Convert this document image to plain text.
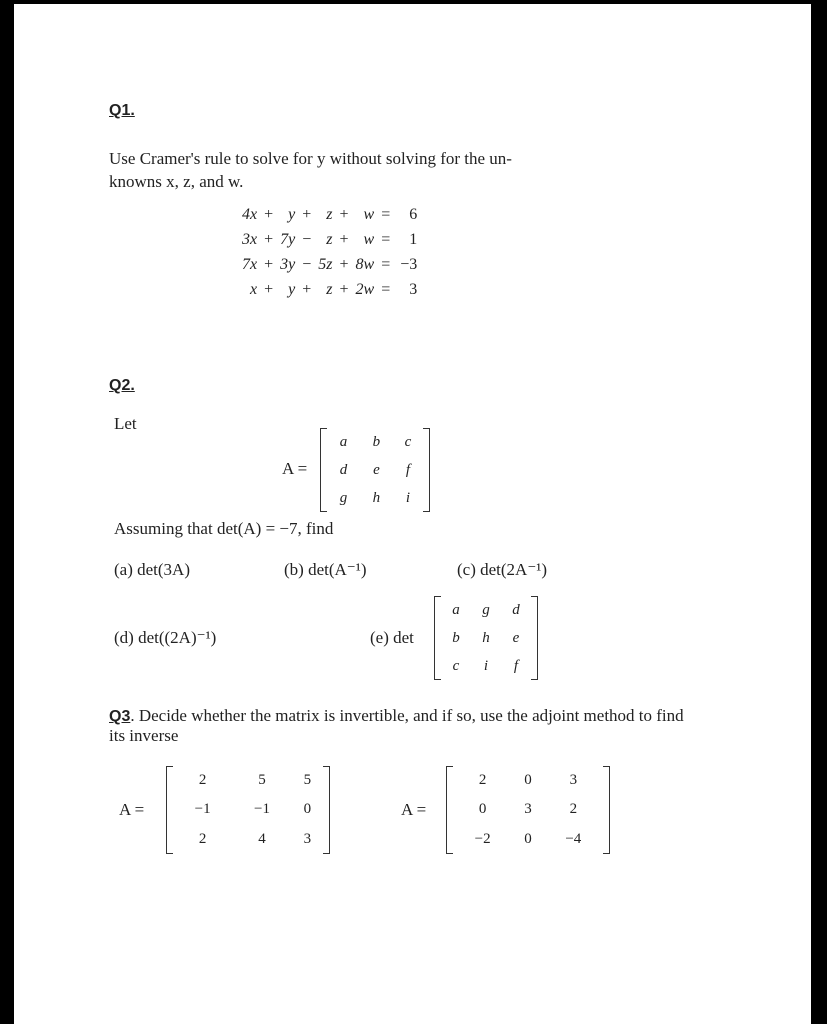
Q1.
Use Cramer's rule to solve for y without solving for the un-
knowns x, z, and w.
4x	+	y	+	z	+	w	=	6
3x	+	7y	−	z	+	w	=	1
7x	+	3y	−	5z	+	8w	=	−3
x	+	y	+	z	+	2w	=	3
Q2.
Let
A =
a	b	c
d	e	f
g	h	i
Assuming that det(A) = −7, find
(a) det(3A)	(b) det(A⁻¹)	(c) det(2A⁻¹)
(d) det((2A)⁻¹)	(e) det
a	g	d
b	h	e
c	i	f
Q3. Decide whether the matrix is invertible, and if so, use the adjoint method to find
its inverse
A =
2	5	5
−1	−1	0
2	4	3
A =
2	0	3
0	3	2
−2	0	−4
